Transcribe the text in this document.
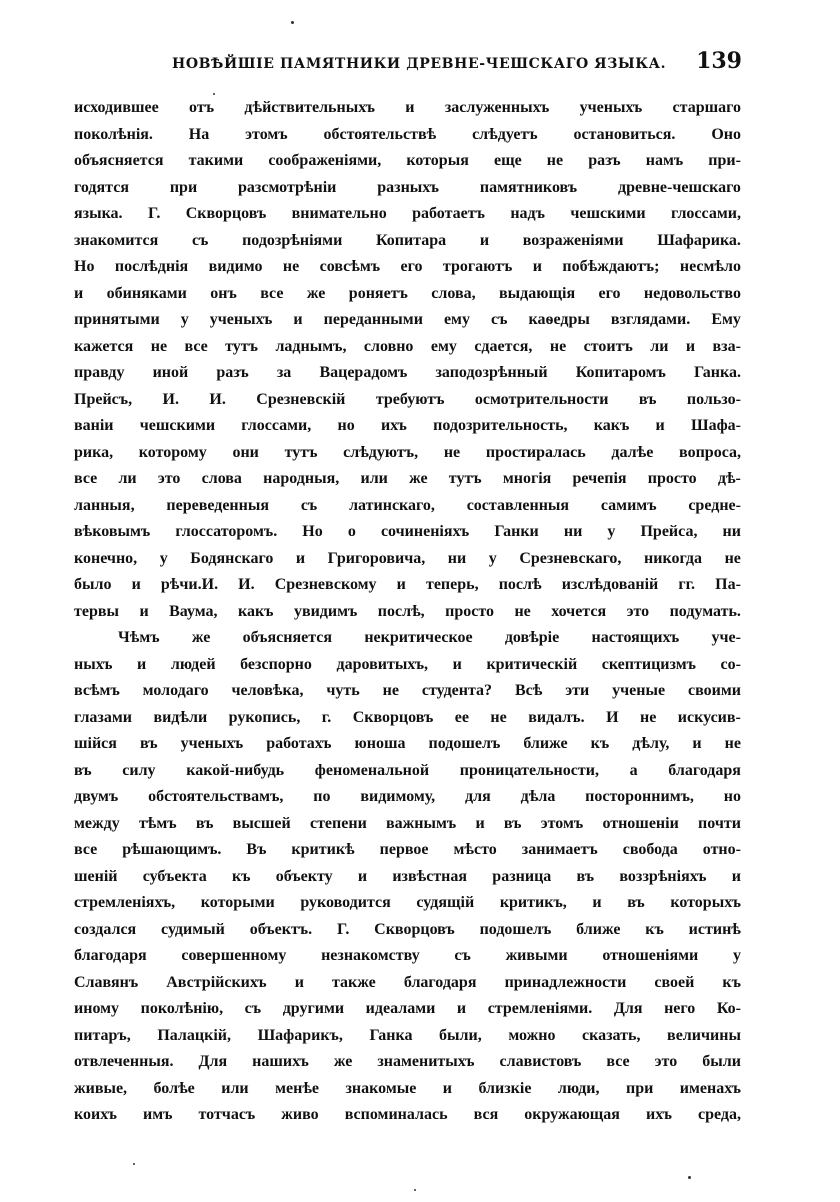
НОВѢЙШІЕ ПАМЯТНИКИ ДРЕВНЕ-ЧЕШСКАГО ЯЗЫКА. 139
исходившее отъ дѣйствительныхъ и заслуженныхъ ученыхъ старшаго
поколѣнія. На этомъ обстоятельствѣ слѣдуетъ остановиться. Оно
объясняется такими соображеніями, которыя еще не разъ намъ при-
годятся	при	разсмотрѣніи	разныхъ	памятниковъ	древне-чешскаго
языка. Г. Скворцовъ внимательно работаетъ надъ чешскими глоссами,
знакомится съ подозрѣніями Копитара и возраженіями Шафарика.
Но послѣднія видимо не совсѣмъ его трогаютъ и побѣждаютъ; несмѣло
и обиняками онъ все же роняетъ слова, выдающія его недовольство
принятыми у ученыхъ и переданными ему съ каѳедры взглядами. Ему
кажется не все тутъ ладнымъ, словно ему сдается, не стоитъ ли и вза-
правду иной разъ за Вацерадомъ заподозрѣнный Копитаромъ Ганка.
Прейсъ, И. И. Срезневскій требуютъ осмотрительности въ пользо-
ваніи чешскими глоссами, но ихъ подозрительность, какъ и Шафа-
рика, которому они тутъ слѣдуютъ, не простиралась далѣе вопроса,
все ли это слова народныя, или же тутъ многія речепія просто дѣ-
ланныя, переведенныя съ латинскаго, составленныя самимъ средне-
вѣковымъ глоссаторомъ. Но о сочиненіяхъ Ганки ни у Прейса, ни
конечно, у Бодянскаго и Григоровича, ни у Срезневскаго, никогда не
было и рѣчи.И. И. Срезневскому и теперь, послѣ изслѣдованій гг. Па-
тервы и Ваума, какъ увидимъ послѣ, просто не хочется это подумать.
Чѣмъ же объясняется некритическое довѣріе настоящихъ уче-
ныхъ и людей безспорно даровитыхъ, и критическій скептицизмъ со-
всѣмъ молодаго человѣка, чуть не студента? Всѣ эти ученые своими
глазами видѣли рукопись, г. Скворцовъ ее не видалъ. И не искусив-
шійся въ ученыхъ работахъ юноша подошелъ ближе къ дѣлу, и не
въ силу какой-нибудь феноменальной проницательности, а благодаря
двумъ обстоятельствамъ, по видимому, для дѣла постороннимъ, но
между тѣмъ въ высшей степени важнымъ и въ этомъ отношеніи почти
все рѣшающимъ. Въ критикѣ первое мѣсто занимаетъ свобода отно-
шеній субъекта къ объекту и извѣстная разница въ воззрѣніяхъ и
стремленіяхъ, которыми руководится судящій критикъ, и въ которыхъ
создался судимый объектъ. Г. Скворцовъ подошелъ ближе къ истинѣ
благодаря совершенному незнакомству съ живыми отношеніями у
Славянъ Австрійскихъ и также благодаря принадлежности своей къ
иному поколѣнію, съ другими идеалами и стремленіями. Для него Ко-
питаръ, Палацкій, Шафарикъ, Ганка были, можно сказать, величины
отвлеченныя. Для нашихъ же знаменитыхъ славистовъ все это были
живые, болѣе или менѣе знакомые и близкіе люди, при именахъ
коихъ имъ тотчасъ живо вспоминалась вся окружающая ихъ среда,
